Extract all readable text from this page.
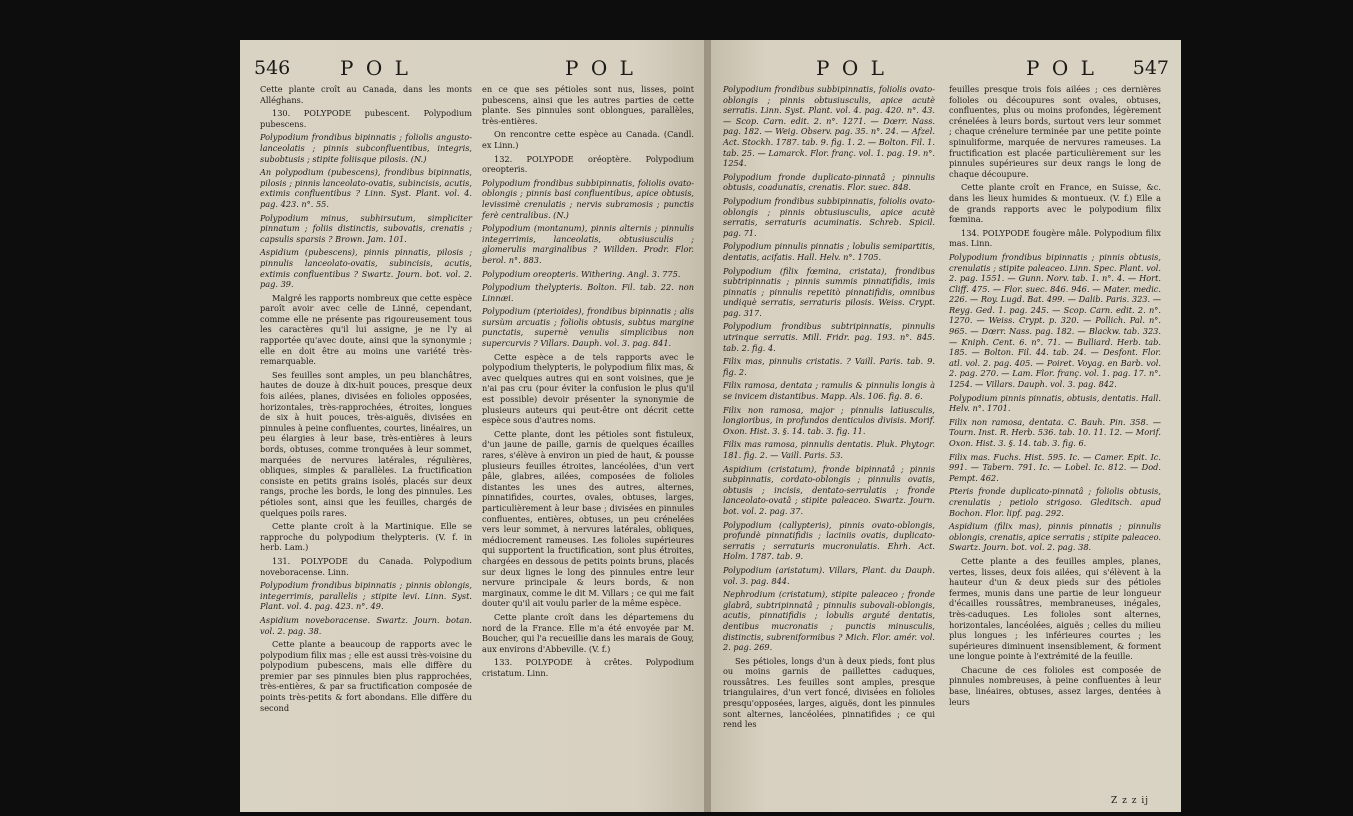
546 P O L	P O L

Cette plante croît au Canada, dans les monts Alléghans.

130. POLYPODE pubescent. Polypodium pubescens.

Polypodium frondibus bipinnatis ; foliolis angusto-lanceolatis ; pinnis subconfluentibus, integris, subobtusis ; stipite foliisque pilosis. (N.)

An polypodium (pubescens), frondibus bipinnatis, pilosis ; pinnis lanceolato-ovatis, subincisis, acutis, extimis confluentibus ? Linn. Syst. Plant. vol. 4. pag. 423. n°. 55.

Polypodium minus, subhirsutum, simpliciter pinnatum ; foliis distinctis, subovatis, crenatis ; capsulis sparsis ? Brown. Jam. 101.

Aspidium (pubescens), pinnis pinnatis, pilosis ; pinnulis lanceolato-ovatis, subincisis, acutis, extimis confluentibus ? Swartz. Journ. bot. vol. 2. pag. 39.

Malgré les rapports nombreux que cette espèce paroît avoir avec celle de Linné, cependant, comme elle ne présente pas rigoureusement tous les caractères qu'il lui assigne, je ne l'y ai rapportée qu'avec doute, ainsi que la synonymie ; elle en doit être au moins une variété très-remarquable.

Ses feuilles sont amples, un peu blanchâtres, hautes de douze à dix-huit pouces, presque deux fois ailées, planes, divisées en folioles opposées, horizontales, très-rapprochées, étroites, longues de six à huit pouces, très-aiguës, divisées en pinnules à peine confluentes, courtes, linéaires, un peu élargies à leur base, très-entières à leurs bords, obtuses, comme tronquées à leur sommet, marquées de nervures latérales, régulières, obliques, simples & parallèles. La fructification consiste en petits grains isolés, placés sur deux rangs, proche les bords, le long des pinnules. Les pétioles sont, ainsi que les feuilles, chargés de quelques poils rares.

Cette plante croît à la Martinique. Elle se rapproche du polypodium thelypteris. (V. f. in herb. Lam.)

131. POLYPODE du Canada. Polypodium noveboracense. Linn.

Polypodium frondibus bipinnatis ; pinnis oblongis, integerrimis, parallelis ; stipite levi. Linn. Syst. Plant. vol. 4. pag. 423. n°. 49.

Aspidium noveboracense. Swartz. Journ. botan. vol. 2. pag. 38.

Cette plante a beaucoup de rapports avec le polypodium filix mas ; elle est aussi très-voisine du polypodium pubescens, mais elle diffère du premier par ses pinnules bien plus rapprochées, très-entières, & par sa fructification composée de points très-petits & fort abondans. Elle diffère du second

en ce que ses pétioles sont nus, lisses, point pubescens, ainsi que les autres parties de cette plante. Ses pinnules sont oblongues, parallèles, très-entières.

On rencontre cette espèce au Canada. (Candl. ex Linn.)

132. POLYPODE oréoptère. Polypodium oreopteris.

Polypodium frondibus subbipinnatis, foliolis ovato-oblongis ; pinnis basi confluentibus, apice obtusis, levissimè crenulatis ; nervis subramosis ; punctis ferè centralibus. (N.)

Polypodium (montanum), pinnis alternis ; pinnulis integerrimis, lanceolatis, obtusiusculis ; glomerulis marginalibus ? Willden. Prodr. Flor. berol. n°. 883.

Polypodium oreopteris. Withering. Angl. 3. 775.

Polypodium thelypteris. Bolton. Fil. tab. 22. non Linnæi.

Polypodium (pterioides), frondibus bipinnatis ; alis sursùm arcuatis ; foliolis obtusis, subtus margine punctatis, supernè venulis simplicibus non supercurvis ? Villars. Dauph. vol. 3. pag. 841.

Cette espèce a de tels rapports avec le polypodium thelypteris, le polypodium filix mas, & avec quelques autres qui en sont voisines, que je n'ai pas cru (pour éviter la confusion le plus qu'il est possible) devoir présenter la synonymie de plusieurs auteurs qui peut-être ont décrit cette espèce sous d'autres noms.

Cette plante, dont les pétioles sont fistuleux, d'un jaune de paille, garnis de quelques écailles rares, s'élève à environ un pied de haut, & pousse plusieurs feuilles étroites, lancéolées, d'un vert pâle, glabres, ailées, composées de folioles distantes les unes des autres, alternes, pinnatifides, courtes, ovales, obtuses, larges, particulièrement à leur base ; divisées en pinnules confluentes, entières, obtuses, un peu crénelées vers leur sommet, à nervures latérales, obliques, médiocrement rameuses. Les folioles supérieures qui supportent la fructification, sont plus étroites, chargées en dessous de petits points bruns, placés sur deux lignes le long des pinnules entre leur nervure principale & leurs bords, & non marginaux, comme le dit M. Villars ; ce qui me fait douter qu'il ait voulu parler de la même espèce.

Cette plante croît dans les départemens du nord de la France. Elle m'a été envoyée par M. Boucher, qui l'a recueillie dans les marais de Gouy, aux environs d'Abbeville. (V. f.)

133. POLYPODE à crêtes. Polypodium cristatum. Linn.

P O L	P O L 547

Polypodium frondibus subbipinnatis, foliolis ovato-oblongis ; pinnis obtusiusculis, apice acutè serratis. Linn. Syst. Plant. vol. 4. pag. 420. n°. 43. — Scop. Carn. edit. 2. n°. 1271. — Dœrr. Nass. pag. 182. — Weig. Observ. pag. 35. n°. 24. — Afzel. Act. Stockh. 1787. tab. 9. fig. 1. 2. — Bolton. Fil. 1. tab. 25. — Lamarck. Flor. franç. vol. 1. pag. 19. n°. 1254.

Polypodium fronde duplicato-pinnatâ ; pinnulis obtusis, coadunatis, crenatis. Flor. suec. 848.

Polypodium frondibus subbipinnatis, foliolis ovato-oblongis ; pinnis obtusiusculis, apice acutè serratis, serraturis acuminatis. Schreb. Spicil. pag. 71.

Polypodium pinnulis pinnatis ; lobulis semipartitis, dentatis, acifatis. Hall. Helv. n°. 1705.

Polypodium (filix fœmina, cristata), frondibus subtripinnatis ; pinnis summis pinnatifidis, imis pinnatis ; pinnulis repetitò pinnatifidis, omnibus undiquè serratis, serraturis pilosis. Weiss. Crypt. pag. 317.

Polypodium frondibus subtripinnatis, pinnulis utrinque serratis. Mill. Fridr. pag. 193. n°. 845. tab. 2. fig. 4.

Filix mas, pinnulis cristatis. ? Vaill. Paris. tab. 9. fig. 2.

Filix ramosa, dentata ; ramulis & pinnulis longis à se invicem distantibus. Mapp. Als. 106. fig. 8. 6.

Filix non ramosa, major ; pinnulis latiusculis, longioribus, in profundos denticulos divisis. Morif. Oxon. Hist. 3. §. 14. tab. 3. fig. 11.

Filix mas ramosa, pinnulis dentatis. Pluk. Phytogr. 181. fig. 2. — Vaill. Paris. 53.

Aspidium (cristatum), fronde bipinnatâ ; pinnis subpinnatis, cordato-oblongis ; pinnulis ovatis, obtusis ; incisis, dentato-serrulatis ; fronde lanceolato-ovatâ ; stipite paleaceo. Swartz. Journ. bot. vol. 2. pag. 37.

Polypodium (callypteris), pinnis ovato-oblongis, profundè pinnatifidis ; laciniis ovatis, duplicato-serratis ; serraturis mucronulatis. Ehrh. Act. Holm. 1787. tab. 9.

Polypodium (aristatum). Villars, Plant. du Dauph. vol. 3. pag. 844.

Nephrodium (cristatum), stipite paleaceo ; fronde glabrâ, subtripinnatâ ; pinnulis subovali-oblongis, acutis, pinnatifidis ; lobulis arguté dentatis, dentibus mucronatis ; punctis minusculis, distinctis, subreniformibus ? Mich. Flor. amér. vol. 2. pag. 269.

Ses pétioles, longs d'un à deux pieds, font plus ou moins garnis de paillettes caduques, roussâtres. Les feuilles sont amples, presque triangulaires, d'un vert foncé, divisées en folioles presqu'opposées, larges, aiguës, dont les pinnules sont alternes, lancéolées, pinnatifides ; ce qui rend les

feuilles presque trois fois ailées ; ces dernières folioles ou découpures sont ovales, obtuses, confluentes, plus ou moins profondes, légèrement crénelées à leurs bords, surtout vers leur sommet ; chaque crénelure terminée par une petite pointe spinuliforme, marquée de nervures rameuses. La fructification est placée particulièrement sur les pinnules supérieures sur deux rangs le long de chaque découpure.

Cette plante croît en France, en Suisse, &c. dans les lieux humides & montueux. (V. f.) Elle a de grands rapports avec le polypodium filix fœmina.

134. POLYPODE fougère mâle. Polypodium filix mas. Linn.

Polypodium frondibus bipinnatis ; pinnis obtusis, crenulatis ; stipite paleaceo. Linn. Spec. Plant. vol. 2. pag. 1551. — Gunn. Norv. tab. 1. n°. 4. — Hort. Cliff. 475. — Flor. suec. 846. 946. — Mater. medic. 226. — Roy. Lugd. Bat. 499. — Dalib. Paris. 323. — Reyg. Ged. 1. pag. 245. — Scop. Carn. edit. 2. n°. 1270. — Weiss. Crypt. p. 320. — Pollich. Pal. n°. 965. — Dœrr. Nass. pag. 182. — Blackw. tab. 323. — Kniph. Cent. 6. n°. 71. — Bulliard. Herb. tab. 185. — Bolton. Fil. 44. tab. 24. — Desfont. Flor. atl. vol. 2. pag. 405. — Poiret. Voyag. en Barb. vol. 2. pag. 270. — Lam. Flor. franç. vol. 1. pag. 17. n°. 1254. — Villars. Dauph. vol. 3. pag. 842.

Polypodium pinnis pinnatis, obtusis, dentatis. Hall. Helv. n°. 1701.

Filix non ramosa, dentata. C. Bauh. Pin. 358. — Tourn. Inst. R. Herb. 536. tab. 10. 11. 12. — Morif. Oxon. Hist. 3. §. 14. tab. 3. fig. 6.

Filix mas. Fuchs. Hist. 595. Ic. — Camer. Epit. Ic. 991. — Tabern. 791. Ic. — Lobel. Ic. 812. — Dod. Pempt. 462.

Pteris fronde duplicato-pinnatâ ; foliolis obtusis, crenulatis ; petiolo strigoso. Gleditsch. apud Bochon. Flor. lipf. pag. 292.

Aspidium (filix mas), pinnis pinnatis ; pinnulis oblongis, crenatis, apice serratis ; stipite paleaceo. Swartz. Journ. bot. vol. 2. pag. 38.

Cette plante a des feuilles amples, planes, vertes, lisses, deux fois ailées, qui s'élèvent à la hauteur d'un & deux pieds sur des pétioles fermes, munis dans une partie de leur longueur d'écailles roussâtres, membraneuses, inégales, très-caduques. Les folioles sont alternes, horizontales, lancéolées, aiguës ; celles du milieu plus longues ; les inférieures courtes ; les supérieures diminuent insensiblement, & forment une longue pointe à l'extrémité de la feuille.

Chacune de ces folioles est composée de pinnules nombreuses, à peine confluentes à leur base, linéaires, obtuses, assez larges, dentées à leurs

Z z z ij
